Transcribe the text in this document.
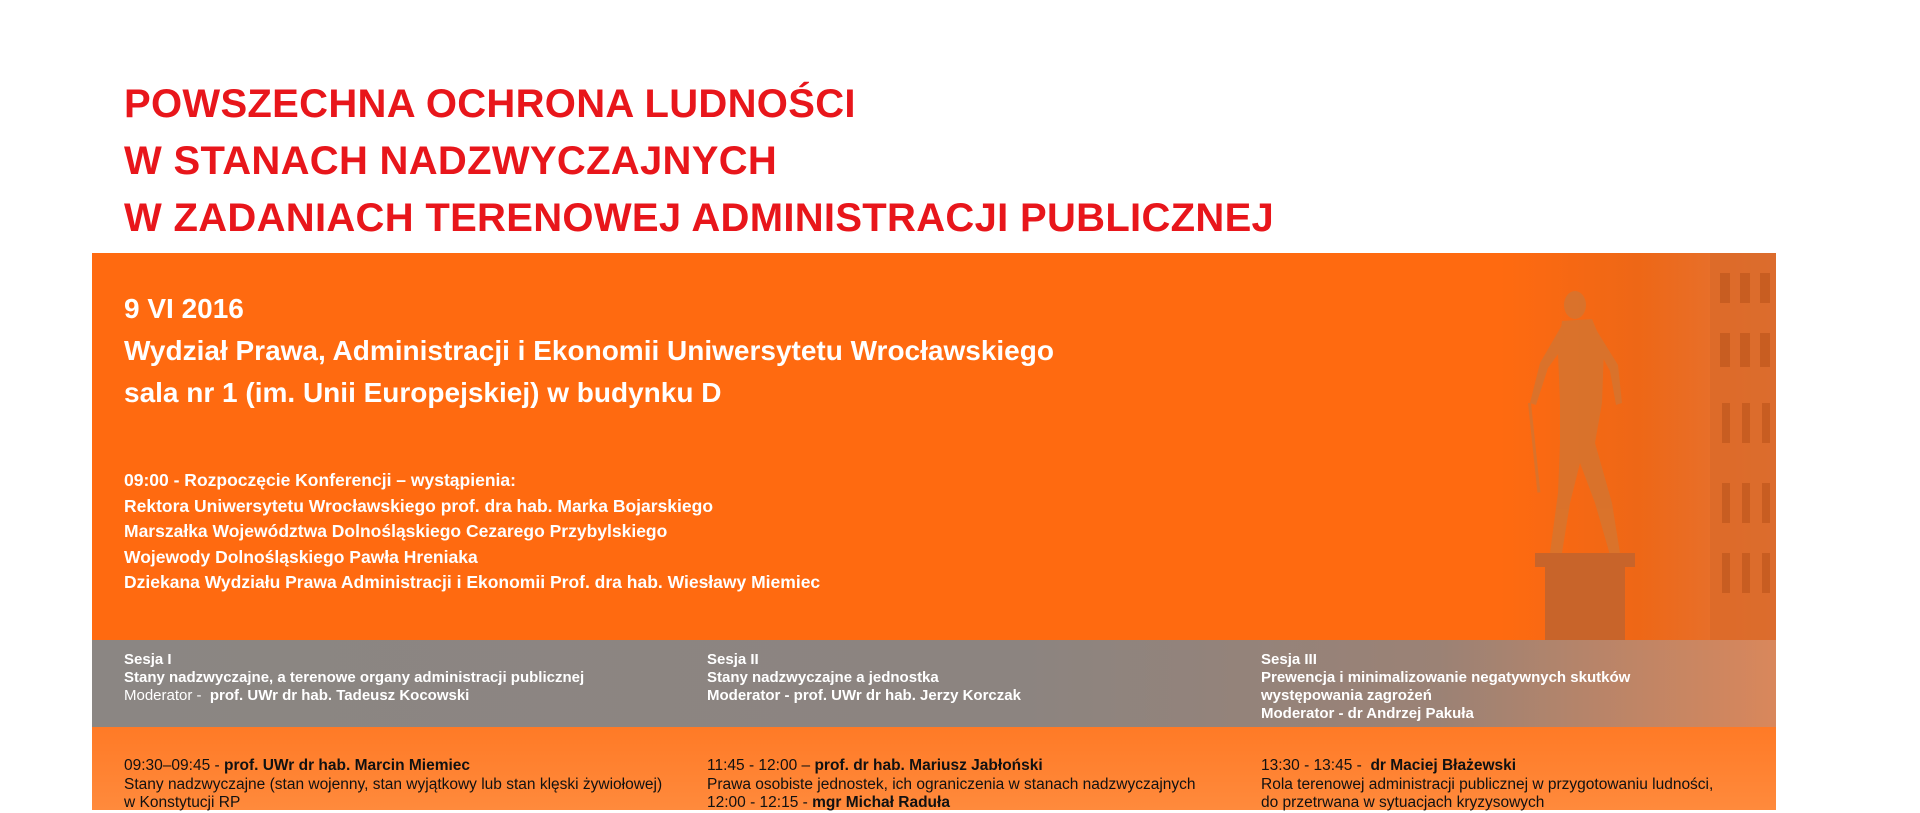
POWSZECHNA OCHRONA LUDNOŚCI
W STANACH NADZWYCZAJNYCH
W ZADANIACH TERENOWEJ ADMINISTRACJI PUBLICZNEJ
9 VI 2016
Wydział Prawa, Administracji i Ekonomii Uniwersytetu Wrocławskiego
sala nr 1 (im. Unii Europejskiej) w budynku D
09:00 - Rozpoczęcie Konferencji – wystąpienia:
Rektora Uniwersytetu Wrocławskiego prof. dra hab. Marka Bojarskiego
Marszałka Województwa Dolnośląskiego Cezarego Przybylskiego
Wojewody Dolnośląskiego Pawła Hreniaka
Dziekana Wydziału Prawa Administracji i Ekonomii Prof. dra hab. Wiesławy Miemiec
Sesja I
Stany nadzwyczajne, a terenowe organy administracji publicznej
Moderator - prof. UWr dr hab. Tadeusz Kocowski
Sesja II
Stany nadzwyczajne a jednostka
Moderator - prof. UWr dr hab. Jerzy Korczak
Sesja III
Prewencja i minimalizowanie negatywnych skutków
występowania zagrożeń
Moderator - dr Andrzej Pakuła
09:30–09:45 - prof. UWr dr hab. Marcin Miemiec
Stany nadzwyczajne (stan wojenny, stan wyjątkowy lub stan klęski żywiołowej)
w Konstytucji RP
11:45 - 12:00 – prof. dr hab. Mariusz Jabłoński
Prawa osobiste jednostek, ich ograniczenia w stanach nadzwyczajnych
12:00 - 12:15 - mgr Michał Raduła
13:30 - 13:45 - dr Maciej Błażewski
Rola terenowej administracji publicznej w przygotowaniu ludności,
do przetrwana w sytuacjach kryzysowych
